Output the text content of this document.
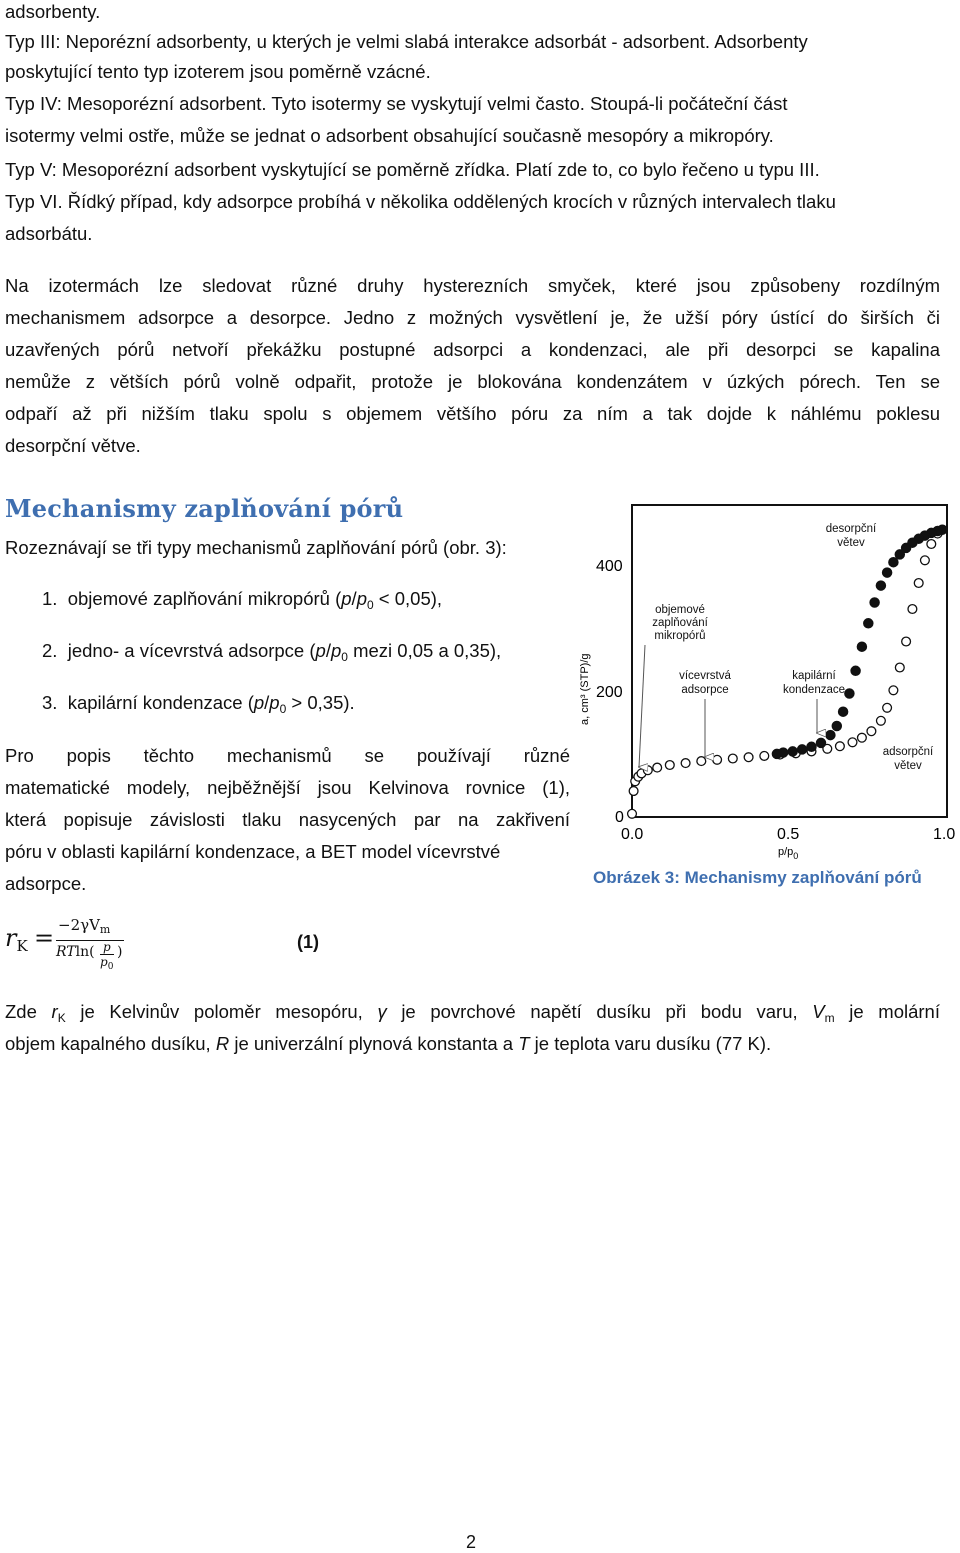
adsorbenty.

Typ III: Neporézní adsorbenty, u kterých je velmi slabá interakce adsorbát - adsorbent. Adsorbenty

poskytující tento typ izoterem jsou poměrně vzácné.

Typ IV: Mesoporézní adsorbent. Tyto isotermy se vyskytují velmi často. Stoupá-li počáteční část

isotermy velmi ostře, může se jednat o adsorbent obsahující současně mesopóry a mikropóry.

Typ V: Mesoporézní adsorbent vyskytující se poměrně zřídka. Platí zde to, co bylo řečeno u typu III.

Typ VI. Řídký případ, kdy adsorpce probíhá v několika oddělených krocích v různých intervalech tlaku

adsorbátu.

Na izotermách lze sledovat různé druhy hysterezních smyček, které jsou způsobeny rozdílným

mechanismem adsorpce a desorpce. Jedno z možných vysvětlení je, že užší póry ústící do širších či

uzavřených pórů netvoří překážku postupné adsorpci a kondenzaci, ale při desorpci se kapalina

nemůže z větších pórů volně odpařit, protože je blokována kondenzátem v úzkých pórech. Ten se

odpaří až při nižším tlaku spolu s objemem většího póru za ním a tak dojde k náhlému poklesu

desorpční větve.

Mechanismy zaplňování pórů

Rozeznávají se tři typy mechanismů zaplňování pórů (obr. 3):

1. objemové zaplňování mikropórů $(p/p_0 < 0,05)$,
2. jedno- a vícevrstvá adsorpce ($p/p_0$ mezi 0,05 a 0,35),
3. kapilární kondenzace $(p/p_0 > 0,35)$.

Pro popis těchto mechanismů se používají různé

matematické modely, nejběžnější jsou Kelvinova rovnice (1),

která popisuje závislosti tlaku nasycených par na zakřivení

póru v oblasti kapilární kondenzace, a BET model vícevrstvé

adsorpce.

400
200
0
0.0	0.5	1.0
a, cm³ (STP)/g
$p/p_0$
desorpční
větev
objemové
zaplňování
mikropórů
vícevrstvá
adsorpce
kapilární
kondenzace
adsorpční
větev
Obrázek 3: Mechanismy zaplňování pórů
$r_K = -2\gamma V_m$
RTln( p
$p_0$
)	(1)

Zde $r_K$ je Kelvinův poloměr mesopóru, γ je povrchové napětí dusíku při bodu varu, $V_m$ je molární

objem kapalného dusíku, R je univerzální plynová konstanta a T je teplota varu dusíku (77 K).

2
